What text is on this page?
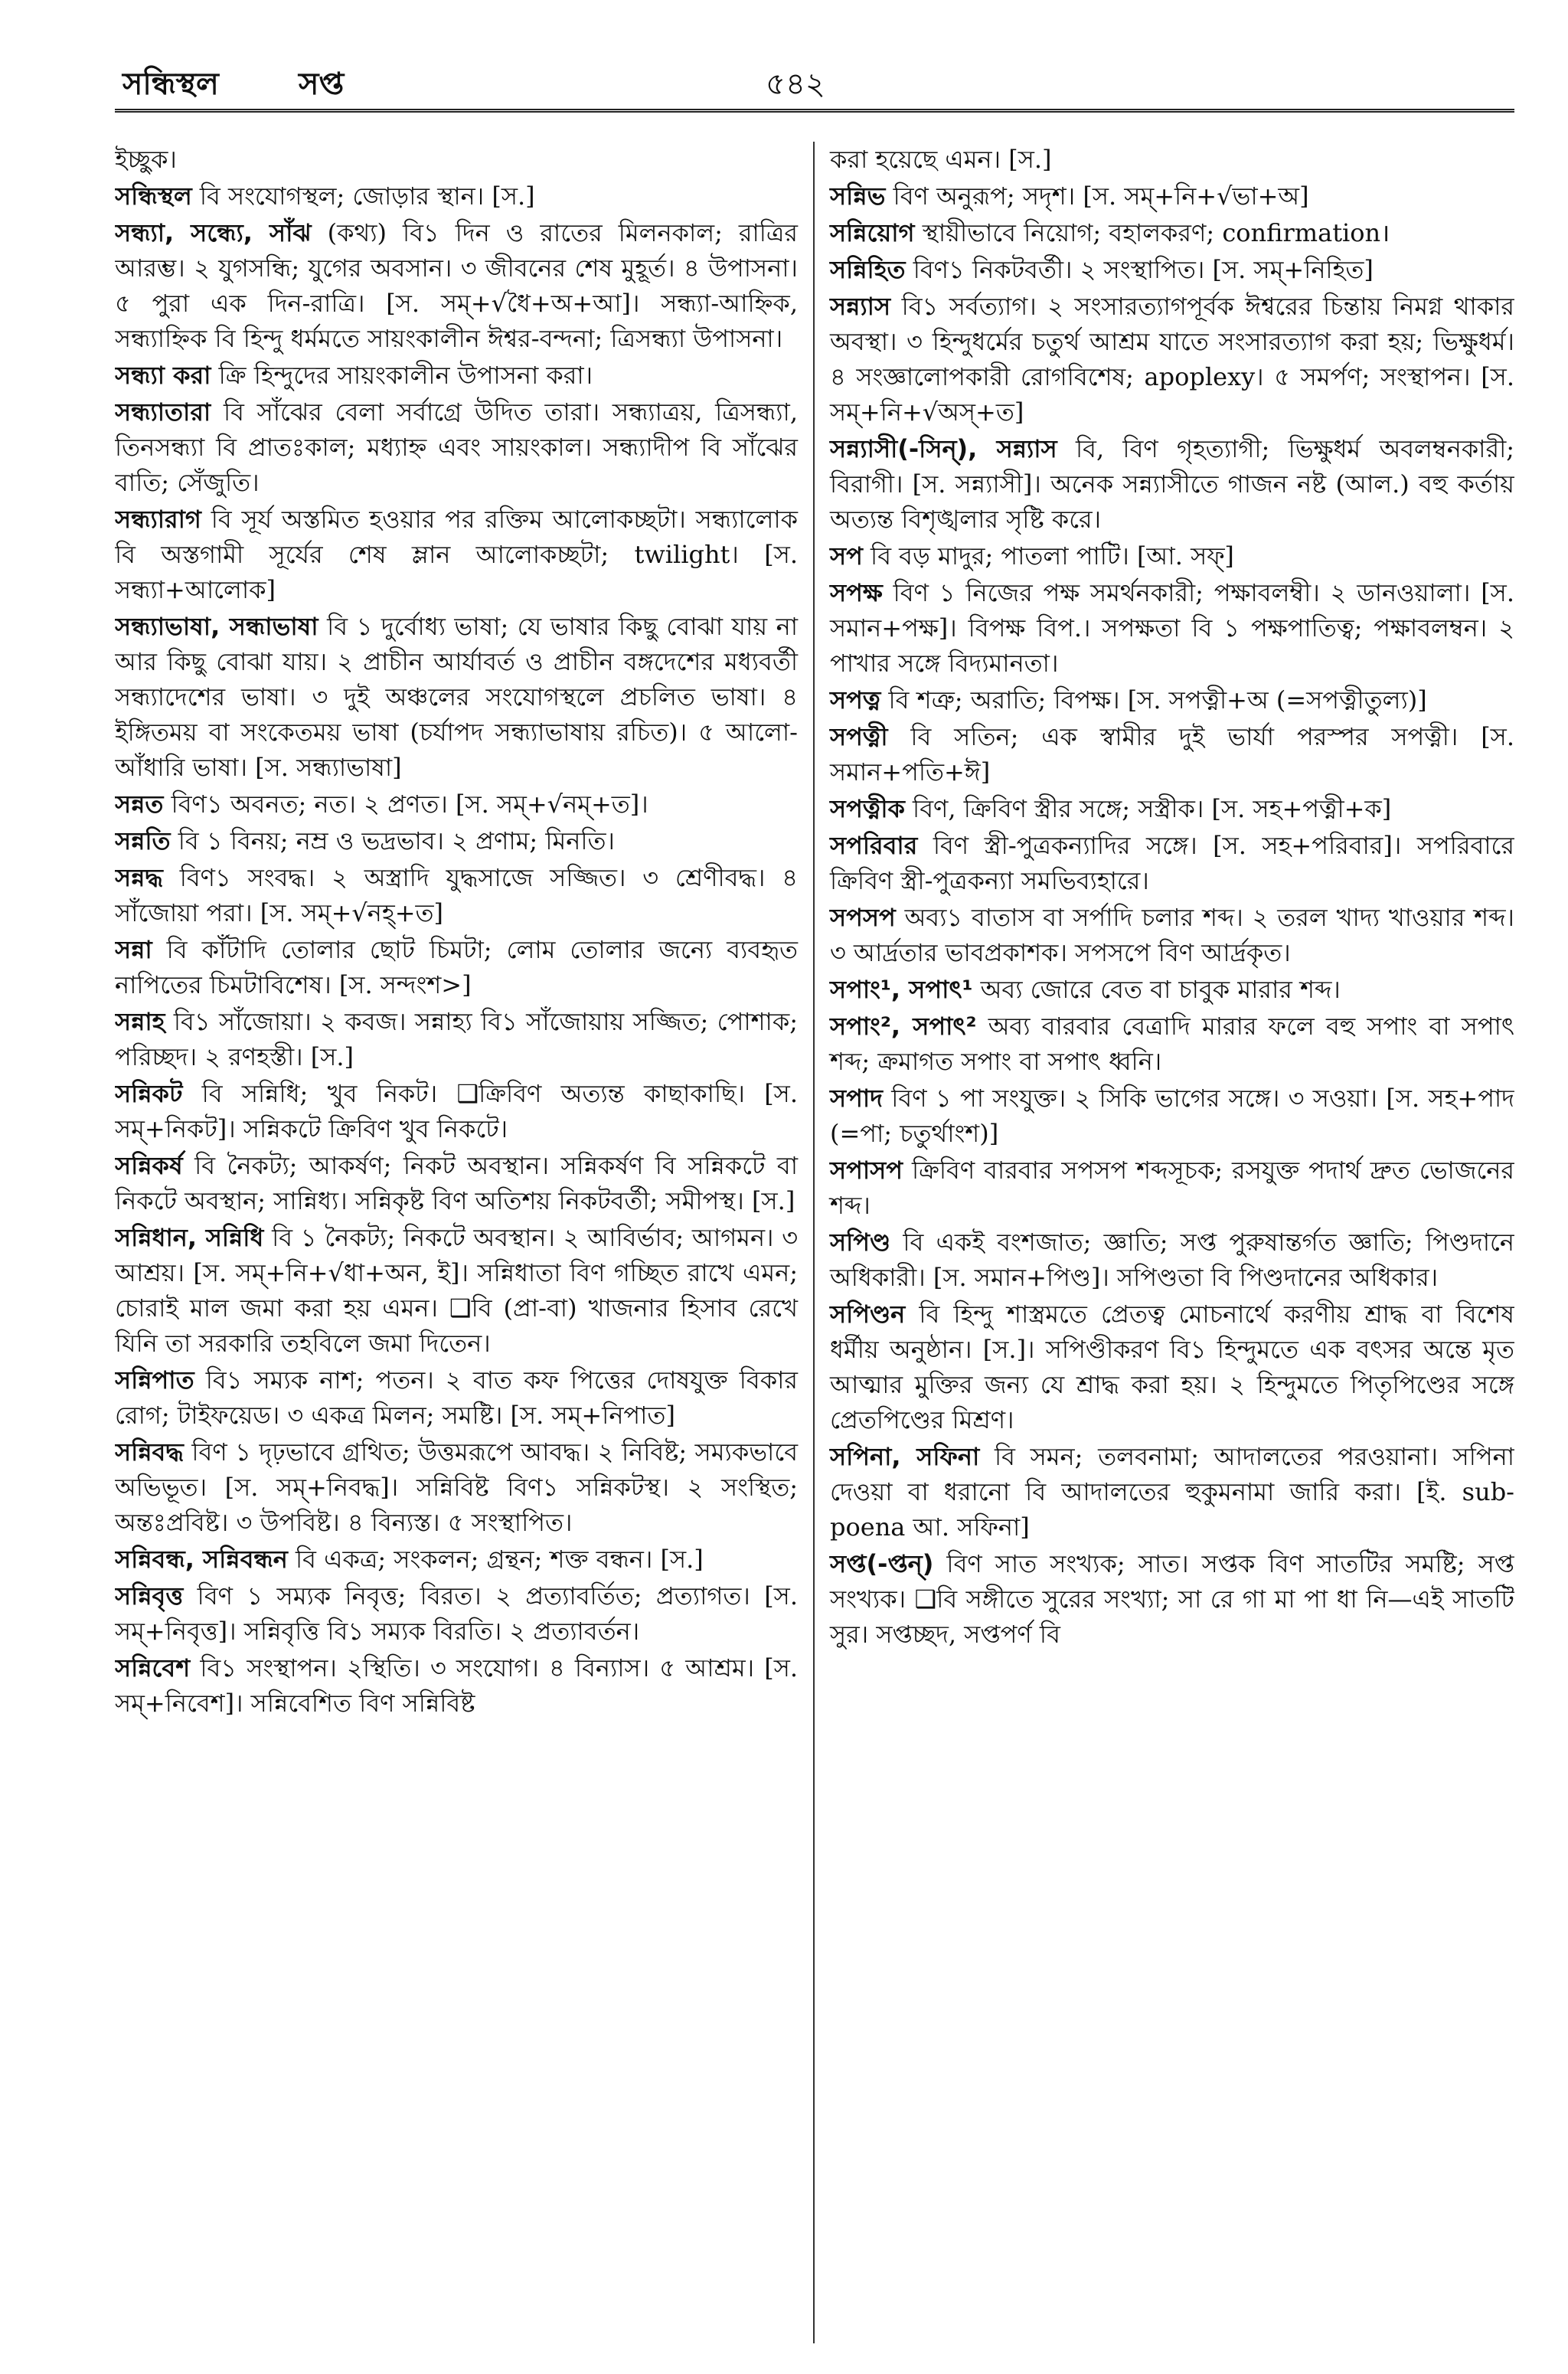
সন্ধিস্থল	সপ্ত	৫৪২

ইচ্ছুক।

সন্ধিস্থল বি সংযোগস্থল; জোড়ার স্থান। [স.]

সন্ধ্যা, সন্ধ্যে, সাঁঝ (কথ্য) বি১ দিন ও রাতের মিলনকাল; রাত্রির আরম্ভ। ২ যুগসন্ধি; যুগের অবসান। ৩ জীবনের শেষ মুহূর্ত। ৪ উপাসনা। ৫ পুরা এক দিন-রাত্রি। [স. সম্+√ধৈ+অ+আ]। সন্ধ্যা-আহ্নিক, সন্ধ্যাহ্নিক বি হিন্দু ধর্মমতে সায়ংকালীন ঈশ্বর-বন্দনা; ত্রিসন্ধ্যা উপাসনা।

সন্ধ্যা করা ক্রি হিন্দুদের সায়ংকালীন উপাসনা করা।

সন্ধ্যাতারা বি সাঁঝের বেলা সর্বাগ্রে উদিত তারা। সন্ধ্যাত্রয়, ত্রিসন্ধ্যা, তিনসন্ধ্যা বি প্রাতঃকাল; মধ্যাহ্ন এবং সায়ংকাল। সন্ধ্যাদীপ বি সাঁঝের বাতি; সেঁজুতি।

সন্ধ্যারাগ বি সূর্য অস্তমিত হওয়ার পর রক্তিম আলোকচ্ছটা। সন্ধ্যালোক বি অস্তগামী সূর্যের শেষ ম্লান আলোকচ্ছটা; twilight। [স. সন্ধ্যা+আলোক]

সন্ধ্যাভাষা, সন্ধাভাষা বি ১ দুর্বোধ্য ভাষা; যে ভাষার কিছু বোঝা যায় না আর কিছু বোঝা যায়। ২ প্রাচীন আর্যাবর্ত ও প্রাচীন বঙ্গদেশের মধ্যবর্তী সন্ধ্যাদেশের ভাষা। ৩ দুই অঞ্চলের সংযোগস্থলে প্রচলিত ভাষা। ৪ ইঙ্গিতময় বা সংকেতময় ভাষা (চর্যাপদ সন্ধ্যাভাষায় রচিত)। ৫ আলো-আঁধারি ভাষা। [স. সন্ধ্যাভাষা]

সন্নত বিণ১ অবনত; নত। ২ প্রণত। [স. সম্+√নম্+ত]।

সন্নতি বি ১ বিনয়; নম্র ও ভদ্রভাব। ২ প্রণাম; মিনতি।

সন্নদ্ধ বিণ১ সংবদ্ধ। ২ অস্ত্রাদি যুদ্ধসাজে সজ্জিত। ৩ শ্রেণীবদ্ধ। ৪ সাঁজোয়া পরা। [স. সম্+√নহ্+ত]

সন্না বি কাঁটাদি তোলার ছোট চিমটা; লোম তোলার জন্যে ব্যবহৃত নাপিতের চিমটাবিশেষ। [স. সন্দংশ>]

সন্নাহ বি১ সাঁজোয়া। ২ কবজ। সন্নাহ্য বি১ সাঁজোয়ায় সজ্জিত; পোশাক; পরিচ্ছদ। ২ রণহস্তী। [স.]

সন্নিকট বি সন্নিধি; খুব নিকট। ❑ক্রিবিণ অত্যন্ত কাছাকাছি। [স. সম্+নিকট]। সন্নিকটে ক্রিবিণ খুব নিকটে।

সন্নিকর্ষ বি নৈকট্য; আকর্ষণ; নিকট অবস্থান। সন্নিকর্ষণ বি সন্নিকটে বা নিকটে অবস্থান; সান্নিধ্য। সন্নিকৃষ্ট বিণ অতিশয় নিকটবর্তী; সমীপস্থ। [স.]

সন্নিধান, সন্নিধি বি ১ নৈকট্য; নিকটে অবস্থান। ২ আবির্ভাব; আগমন। ৩ আশ্রয়। [স. সম্+নি+√ধা+অন, ই]। সন্নিধাতা বিণ গচ্ছিত রাখে এমন; চোরাই মাল জমা করা হয় এমন। ❑বি (প্রা-বা) খাজনার হিসাব রেখে যিনি তা সরকারি তহবিলে জমা দিতেন।

সন্নিপাত বি১ সম্যক নাশ; পতন। ২ বাত কফ পিত্তের দোষযুক্ত বিকার রোগ; টাইফয়েড। ৩ একত্র মিলন; সমষ্টি। [স. সম্+নিপাত]

সন্নিবদ্ধ বিণ ১ দৃঢ়ভাবে গ্রথিত; উত্তমরূপে আবদ্ধ। ২ নিবিষ্ট; সম্যকভাবে অভিভূত। [স. সম্+নিবদ্ধ]। সন্নিবিষ্ট বিণ১ সন্নিকটস্থ। ২ সংস্থিত; অন্তঃপ্রবিষ্ট। ৩ উপবিষ্ট। ৪ বিন্যস্ত। ৫ সংস্থাপিত।

সন্নিবন্ধ, সন্নিবন্ধন বি একত্র; সংকলন; গ্রন্থন; শক্ত বন্ধন। [স.]

সন্নিবৃত্ত বিণ ১ সম্যক নিবৃত্ত; বিরত। ২ প্রত্যাবর্তিত; প্রত্যাগত। [স. সম্+নিবৃত্ত]। সন্নিবৃত্তি বি১ সম্যক বিরতি। ২ প্রত্যাবর্তন।

সন্নিবেশ বি১ সংস্থাপন। ২স্থিতি। ৩ সংযোগ। ৪ বিন্যাস। ৫ আশ্রম। [স. সম্+নিবেশ]। সন্নিবেশিত বিণ সন্নিবিষ্ট

করা হয়েছে এমন। [স.]

সন্নিভ বিণ অনুরূপ; সদৃশ। [স. সম্+নি+√ভা+অ]

সন্নিয়োগ স্থায়ীভাবে নিয়োগ; বহালকরণ; confirmation।

সন্নিহিত বিণ১ নিকটবর্তী। ২ সংস্থাপিত। [স. সম্+নিহিত]

সন্ন্যাস বি১ সর্বত্যাগ। ২ সংসারত্যাগপূর্বক ঈশ্বরের চিন্তায় নিমগ্ন থাকার অবস্থা। ৩ হিন্দুধর্মের চতুর্থ আশ্রম যাতে সংসারত্যাগ করা হয়; ভিক্ষুধর্ম। ৪ সংজ্ঞালোপকারী রোগবিশেষ; apoplexy। ৫ সমর্পণ; সংস্থাপন। [স. সম্+নি+√অস্+ত]

সন্ন্যাসী(-সিন্), সন্ন্যাস বি, বিণ গৃহত্যাগী; ভিক্ষুধর্ম অবলম্বনকারী; বিরাগী। [স. সন্ন্যাসী]। অনেক সন্ন্যাসীতে গাজন নষ্ট (আল.) বহু কর্তায় অত্যন্ত বিশৃঙ্খলার সৃষ্টি করে।

সপ বি বড় মাদুর; পাতলা পাটি। [আ. সফ্]

সপক্ষ বিণ ১ নিজের পক্ষ সমর্থনকারী; পক্ষাবলম্বী। ২ ডানওয়ালা। [স. সমান+পক্ষ]। বিপক্ষ বিপ.। সপক্ষতা বি ১ পক্ষপাতিত্ব; পক্ষাবলম্বন। ২ পাখার সঙ্গে বিদ্যমানতা।

সপত্ন বি শত্রু; অরাতি; বিপক্ষ। [স. সপত্নী+অ (=সপত্নীতুল্য)]

সপত্নী বি সতিন; এক স্বামীর দুই ভার্যা পরস্পর সপত্নী। [স. সমান+পতি+ঈ]

সপত্নীক বিণ, ক্রিবিণ স্ত্রীর সঙ্গে; সস্ত্রীক। [স. সহ+পত্নী+ক]

সপরিবার বিণ স্ত্রী-পুত্রকন্যাদির সঙ্গে। [স. সহ+পরিবার]। সপরিবারে ক্রিবিণ স্ত্রী-পুত্রকন্যা সমভিব্যহারে।

সপসপ অব্য১ বাতাস বা সর্পাদি চলার শব্দ। ২ তরল খাদ্য খাওয়ার শব্দ। ৩ আর্দ্রতার ভাবপ্রকাশক। সপসপে বিণ আর্দ্রকৃত।

সপাং¹, সপাৎ¹ অব্য জোরে বেত বা চাবুক মারার শব্দ।

সপাং², সপাৎ² অব্য বারবার বেত্রাদি মারার ফলে বহু সপাং বা সপাৎ শব্দ; ক্রমাগত সপাং বা সপাৎ ধ্বনি।

সপাদ বিণ ১ পা সংযুক্ত। ২ সিকি ভাগের সঙ্গে। ৩ সওয়া। [স. সহ+পাদ (=পা; চতুর্থাংশ)]

সপাসপ ক্রিবিণ বারবার সপসপ শব্দসূচক; রসযুক্ত পদার্থ দ্রুত ভোজনের শব্দ।

সপিণ্ড বি একই বংশজাত; জ্ঞাতি; সপ্ত পুরুষান্তর্গত জ্ঞাতি; পিণ্ডদানে অধিকারী। [স. সমান+পিণ্ড]। সপিণ্ডতা বি পিণ্ডদানের অধিকার।

সপিণ্ডন বি হিন্দু শাস্ত্রমতে প্রেতত্ব মোচনার্থে করণীয় শ্রাদ্ধ বা বিশেষ ধর্মীয় অনুষ্ঠান। [স.]। সপিণ্ডীকরণ বি১ হিন্দুমতে এক বৎসর অন্তে মৃত আত্মার মুক্তির জন্য যে শ্রাদ্ধ করা হয়। ২ হিন্দুমতে পিতৃপিণ্ডের সঙ্গে প্রেতপিণ্ডের মিশ্রণ।

সপিনা, সফিনা বি সমন; তলবনামা; আদালতের পরওয়ানা। সপিনা দেওয়া বা ধরানো বি আদালতের হুকুমনামা জারি করা। [ই. sub-poena আ. সফিনা]

সপ্ত(-প্তন্) বিণ সাত সংখ্যক; সাত। সপ্তক বিণ সাতটির সমষ্টি; সপ্ত সংখ্যক। ❑বি সঙ্গীতে সুরের সংখ্যা; সা রে গা মা পা ধা নি—এই সাতটি সুর। সপ্তচ্ছদ, সপ্তপর্ণ বি
